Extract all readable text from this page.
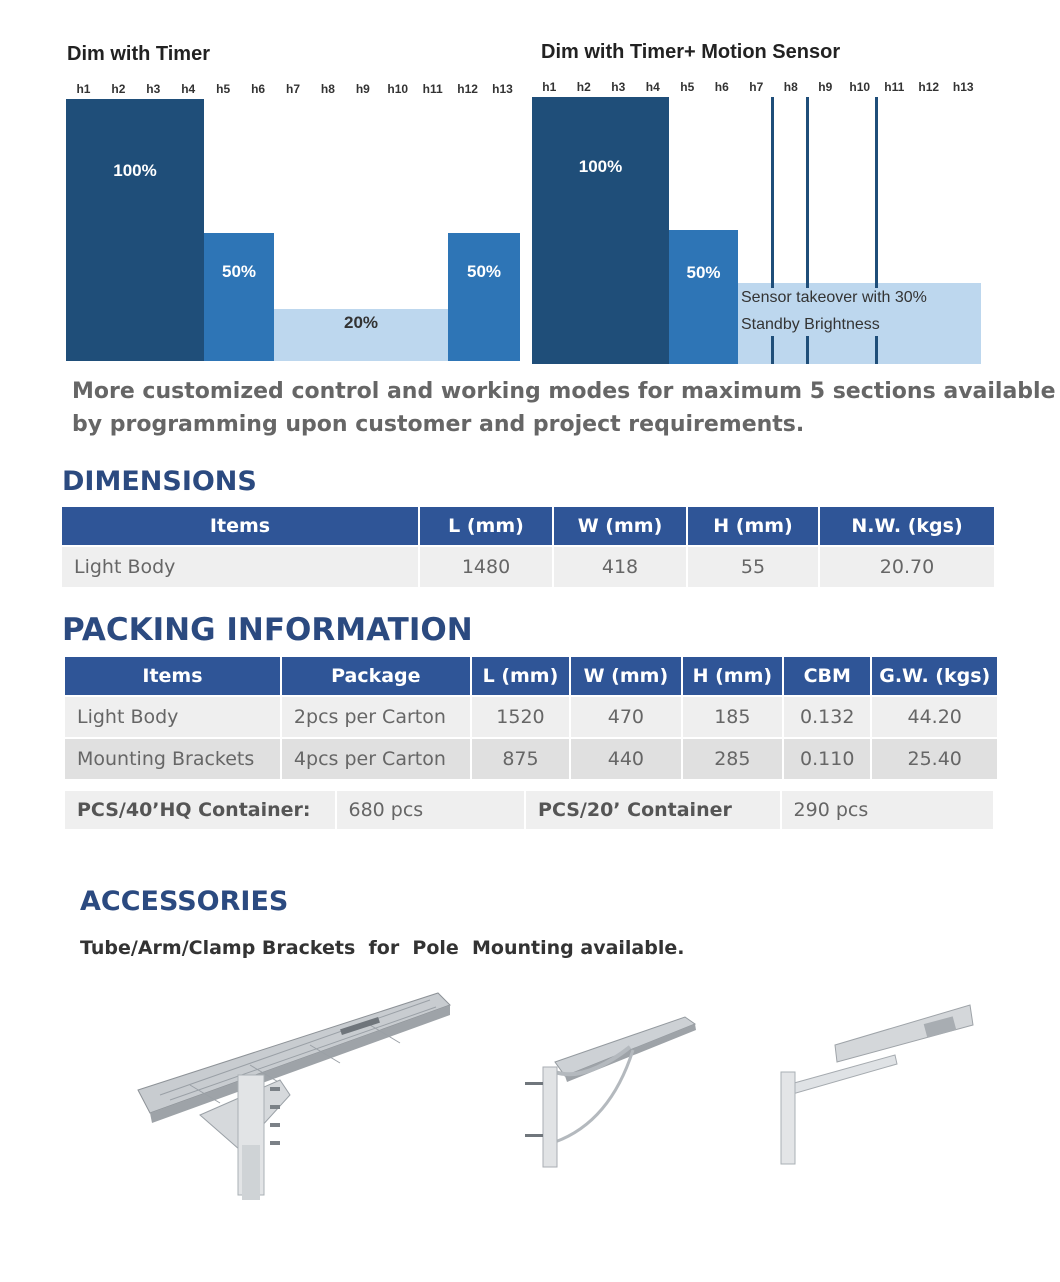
Dim with Timer
h1	h2	h3	h4	h5	h6	h7	h8	h9	h10	h11	h12	h13
100%
50%
20%
50%
Dim with Timer+ Motion Sensor
h1	h2	h3	h4	h5	h6	h7	h8	h9	h10	h11	h12	h13
100%
50%
Sensor takeover with 30%
Standby Brightness
More customized control and working modes for maximum 5 sections available
by programming upon customer and project requirements.
DIMENSIONS
Items	L (mm)	W (mm)	H (mm)	N.W. (kgs)
Light Body	1480	418	55	20.70
PACKING INFORMATION
Items	Package	L (mm)	W (mm)	H (mm)	CBM	G.W. (kgs)
Light Body	2pcs per Carton	1520	470	185	0.132	44.20
Mounting Brackets	4pcs per Carton	875	440	285	0.110	25.40
PCS/40’HQ Container:	680 pcs	PCS/20’ Container	290 pcs
ACCESSORIES
Tube/Arm/Clamp Brackets  for  Pole  Mounting available.
